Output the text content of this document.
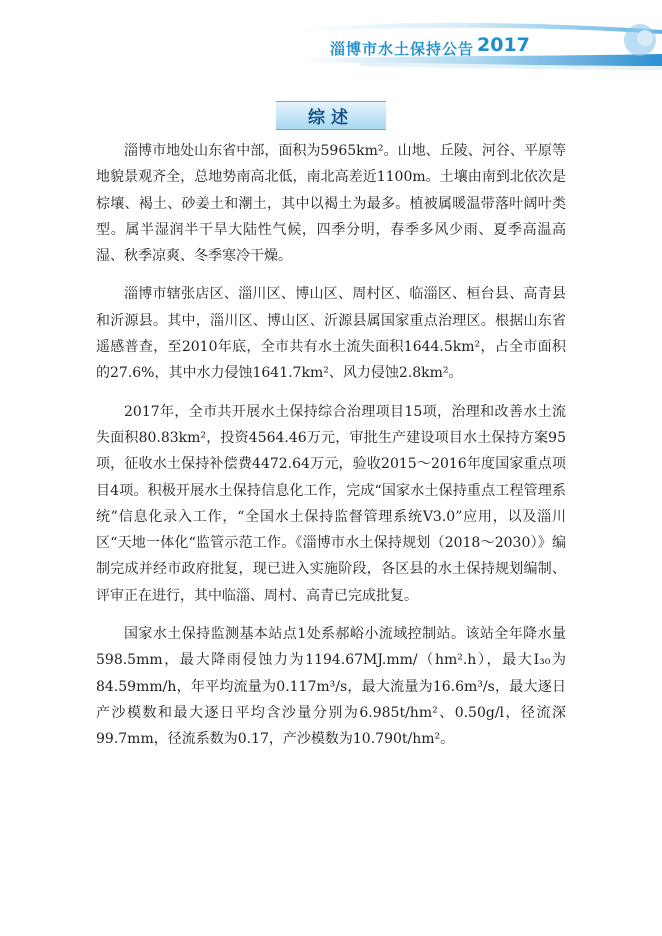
淄博市水土保持公告 2017
综述

淄博市地处山东省中部，面积为5965km²。山地、丘陵、河谷、平原等地貌景观齐全，总地势南高北低，南北高差近1100m。土壤由南到北依次是棕壤、褐土、砂姜土和潮土，其中以褐土为最多。植被属暖温带落叶阔叶类型。属半湿润半干旱大陆性气候，四季分明，春季多风少雨、夏季高温高湿、秋季凉爽、冬季寒冷干燥。

淄博市辖张店区、淄川区、博山区、周村区、临淄区、桓台县、高青县和沂源县。其中，淄川区、博山区、沂源县属国家重点治理区。根据山东省遥感普查，至2010年底，全市共有水土流失面积1644.5km²，占全市面积的27.6%，其中水力侵蚀1641.7km²、风力侵蚀2.8km²。

2017年，全市共开展水土保持综合治理项目15项，治理和改善水土流失面积80.83km²，投资4564.46万元，审批生产建设项目水土保持方案95项，征收水土保持补偿费4472.64万元，验收2015～2016年度国家重点项目4项。积极开展水土保持信息化工作，完成“国家水土保持重点工程管理系统”信息化录入工作，“全国水土保持监督管理系统V3.0”应用，以及淄川区“天地一体化“监管示范工作。《淄博市水土保持规划（2018～2030）》编制完成并经市政府批复，现已进入实施阶段，各区县的水土保持规划编制、评审正在进行，其中临淄、周村、高青已完成批复。

国家水土保持监测基本站点1处系郝峪小流域控制站。该站全年降水量598.5mm，最大降雨侵蚀力为1194.67MJ.mm/（hm².h），最大I₃₀为84.59mm/h，年平均流量为0.117m³/s，最大流量为16.6m³/s，最大逐日产沙模数和最大逐日平均含沙量分别为6.985t/hm²、0.50g/l，径流深99.7mm，径流系数为0.17，产沙模数为10.790t/hm²。
